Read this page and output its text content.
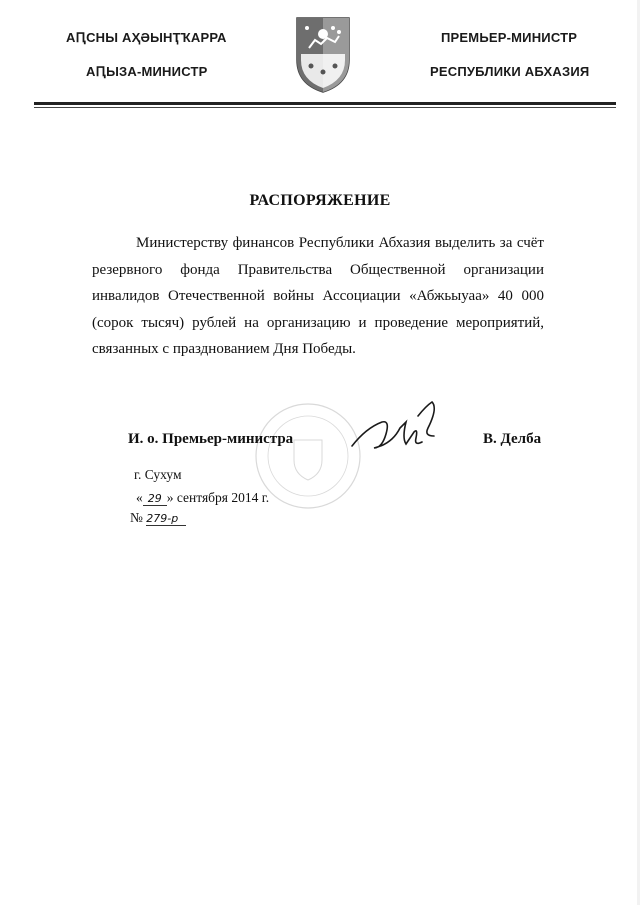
АԤСНЫ АҲӘЫНҬҠАРРА
АԤЫЗА-МИНИСТР
ПРЕМЬЕР-МИНИСТР
РЕСПУБЛИКИ АБХАЗИЯ
РАСПОРЯЖЕНИЕ
Министерству финансов Республики Абхазия выделить за счёт резервного фонда Правительства Общественной организации инвалидов Отечественной войны Ассоциации «Абжьыуаа» 40 000 (сорок тысяч) рублей на организацию и проведение мероприятий, связанных с празднованием Дня Победы.
И. о. Премьер-министра	В. Делба
г. Сухум
« 29 » сентября 2014 г.
№ 279-р
